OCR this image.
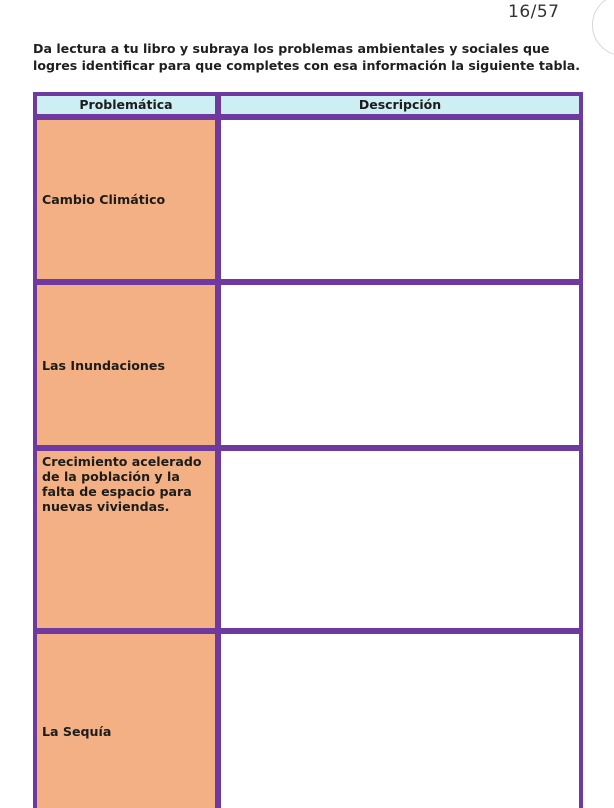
16/57
Da lectura a tu libro y subraya los problemas ambientales y sociales que
logres identificar para que completes con esa información la siguiente tabla.
Problemática	Descripción
Cambio Climático
Las Inundaciones
Crecimiento acelerado de la población y la falta de espacio para nuevas viviendas.
La Sequía
